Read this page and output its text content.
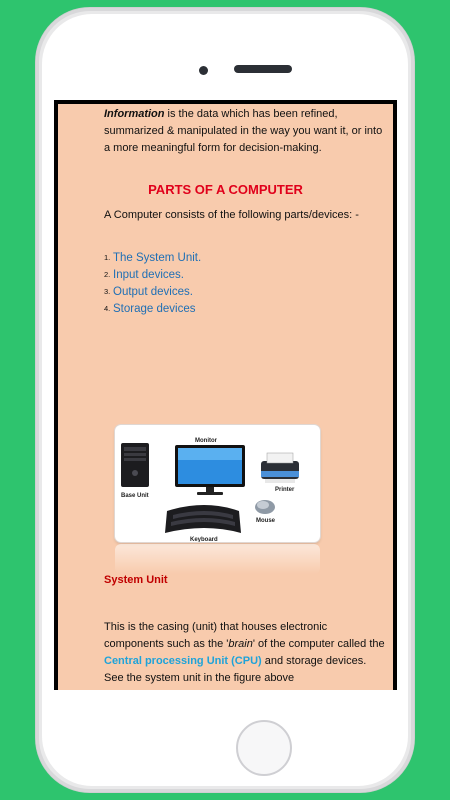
Information is the data which has been refined, summarized & manipulated in the way you want it, or into a more meaningful form for decision-making.

PARTS OF A COMPUTER

A Computer consists of the following parts/devices: -

1. The System Unit.
2. Input devices.
3. Output devices.
4. Storage devices
Base Unit
Monitor
Printer
Mouse
Keyboard
System Unit

This is the casing (unit) that houses electronic components such as the 'brain' of the computer called the Central processing Unit (CPU) and storage devices. See the system unit in the figure above
